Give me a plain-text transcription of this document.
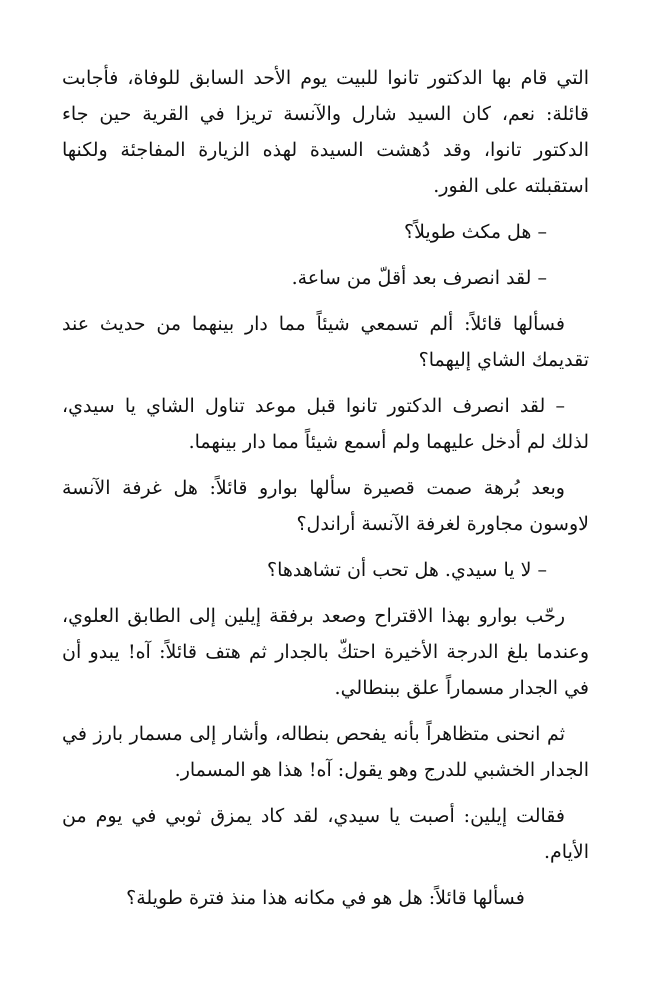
التي قام بها الدكتور تانوا للبيت يوم الأحد السابق للوفاة، فأجابت قائلة: نعم، كان السيد شارل والآنسة تريزا في القرية حين جاء الدكتور تانوا، وقد دُهشت السيدة لهذه الزيارة المفاجئة ولكنها استقبلته على الفور.

– هل مكث طويلاً؟

– لقد انصرف بعد أقلّ من ساعة.

فسألها قائلاً: ألم تسمعي شيئاً مما دار بينهما من حديث عند تقديمك الشاي إليهما؟

– لقد انصرف الدكتور تانوا قبل موعد تناول الشاي يا سيدي، لذلك لم أدخل عليهما ولم أسمع شيئاً مما دار بينهما.

وبعد بُرهة صمت قصيرة سألها بوارو قائلاً: هل غرفة الآنسة لاوسون مجاورة لغرفة الآنسة أراندل؟

– لا يا سيدي. هل تحب أن تشاهدها؟

رحّب بوارو بهذا الاقتراح وصعد برفقة إيلين إلى الطابق العلوي، وعندما بلغ الدرجة الأخيرة احتكّ بالجدار ثم هتف قائلاً: آه! يبدو أن في الجدار مسماراً علق ببنطالي.

ثم انحنى متظاهراً بأنه يفحص بنطاله، وأشار إلى مسمار بارز في الجدار الخشبي للدرج وهو يقول: آه! هذا هو المسمار.

فقالت إيلين: أصبت يا سيدي، لقد كاد يمزق ثوبي في يوم من الأيام.

فسألها قائلاً: هل هو في مكانه هذا منذ فترة طويلة؟
